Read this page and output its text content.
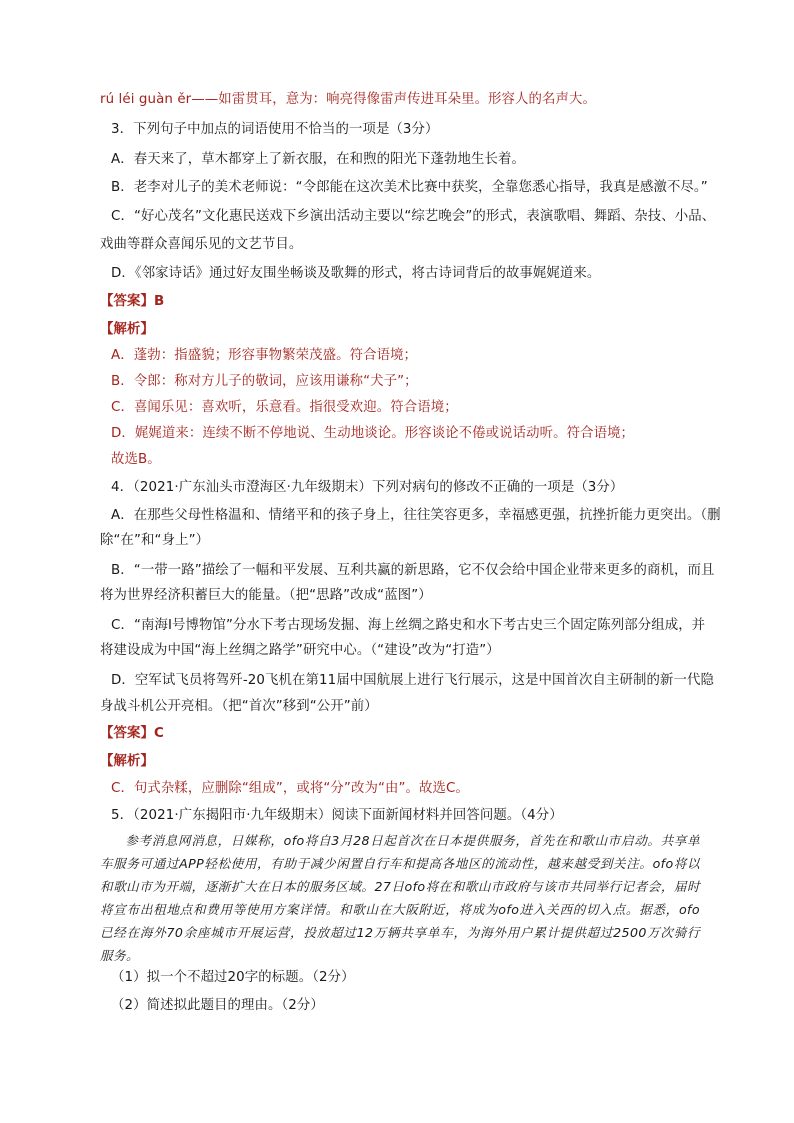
rú léi guàn ěr——如雷贯耳，意为：响亮得像雷声传进耳朵里。形容人的名声大。
3．下列句子中加点的词语使用不恰当的一项是（3分）
A．春天来了，草木都穿上了新衣服，在和煦的阳光下蓬勃地生长着。
B．老李对儿子的美术老师说：“令郎能在这次美术比赛中获奖，全靠您悉心指导，我真是感激不尽。”
C．“好心茂名”文化惠民送戏下乡演出活动主要以“综艺晚会”的形式，表演歌唱、舞蹈、杂技、小品、
戏曲等群众喜闻乐见的文艺节目。
D．《邻家诗话》通过好友围坐畅谈及歌舞的形式，将古诗词背后的故事娓娓道来。
【答案】B
【解析】
A．蓬勃：指盛貌；形容事物繁荣茂盛。符合语境；
B．令郎：称对方儿子的敬词，应该用谦称“犬子”；
C．喜闻乐见：喜欢听，乐意看。指很受欢迎。符合语境；
D．娓娓道来：连续不断不停地说、生动地谈论。形容谈论不倦或说话动听。符合语境；
故选B。
4．（2021·广东汕头市澄海区·九年级期末）下列对病句的修改不正确的一项是（3分）
A．在那些父母性格温和、情绪平和的孩子身上，往往笑容更多，幸福感更强，抗挫折能力更突出。（删
除“在”和“身上”）
B．“一带一路”描绘了一幅和平发展、互利共赢的新思路，它不仅会给中国企业带来更多的商机，而且
将为世界经济积蓄巨大的能量。（把“思路”改成“蓝图”）
C．“南海Ⅰ号博物馆”分水下考古现场发掘、海上丝绸之路史和水下考古史三个固定陈列部分组成，并
将建设成为中国“海上丝绸之路学”研究中心。（“建设”改为“打造”）
D．空军试飞员将驾歼-20飞机在第11届中国航展上进行飞行展示，这是中国首次自主研制的新一代隐
身战斗机公开亮相。（把“首次”移到“公开”前）
【答案】C
【解析】
C．句式杂糅，应删除“组成”，或将“分”改为“由”。故选C。
5．（2021·广东揭阳市·九年级期末）阅读下面新闻材料并回答问题。（4分）
参考消息网消息，日媒称，ofo将自3月28日起首次在日本提供服务，首先在和歌山市启动。共享单车服务可通过APP轻松使用，有助于减少闲置自行车和提高各地区的流动性，越来越受到关注。ofo将以和歌山市为开端，逐渐扩大在日本的服务区域。27日ofo将在和歌山市政府与该市共同举行记者会，届时将宣布出租地点和费用等使用方案详情。和歌山在大阪附近，将成为ofo进入关西的切入点。据悉，ofo已经在海外70余座城市开展运营，投放超过12万辆共享单车，为海外用户累计提供超过2500万次骑行服务。
（1）拟一个不超过20字的标题。（2分）
（2）简述拟此题目的理由。（2分）
